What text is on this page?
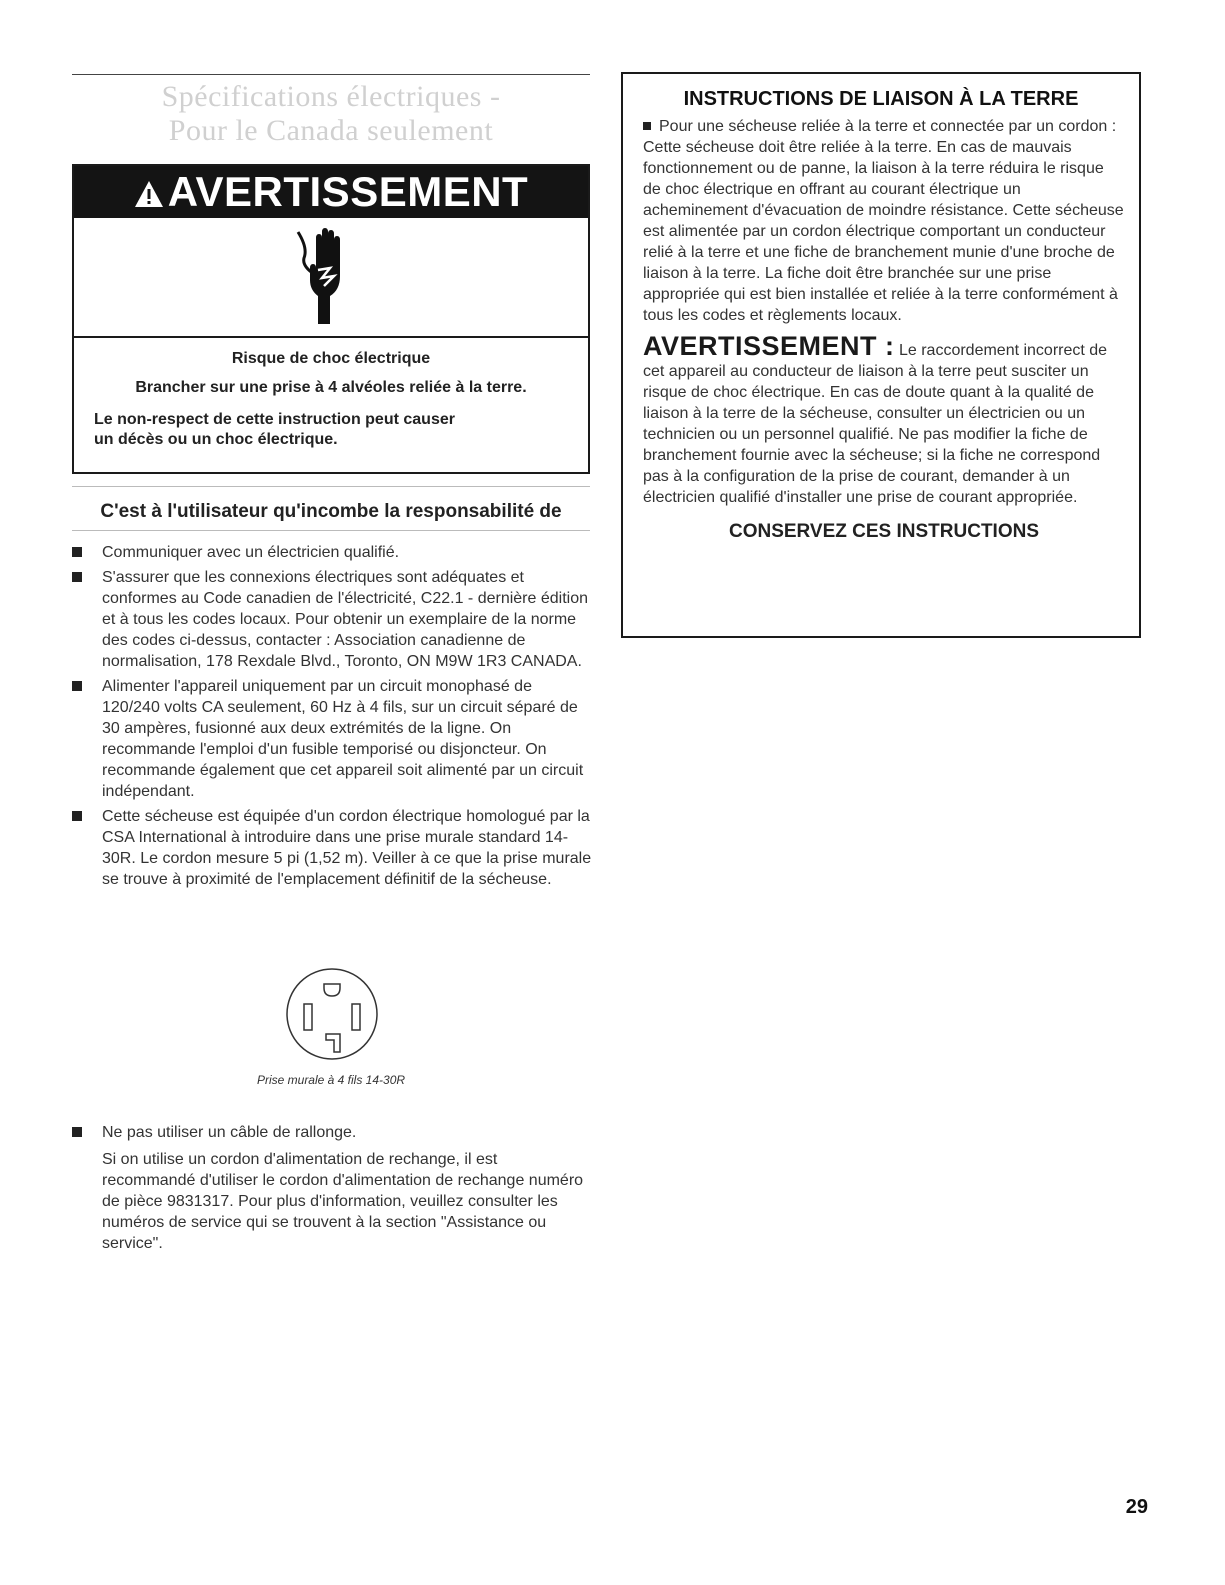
Spécifications électriques -
Pour le Canada seulement
AVERTISSEMENT
Risque de choc électrique
Brancher sur une prise à 4 alvéoles reliée à la terre.
Le non-respect de cette instruction peut causer
un décès ou un choc électrique.
C'est à l'utilisateur qu'incombe la responsabilité de
Communiquer avec un électricien qualifié.
S'assurer que les connexions électriques sont adéquates et conformes au Code canadien de l'électricité, C22.1 - dernière édition et à tous les codes locaux. Pour obtenir un exemplaire de la norme des codes ci-dessus, contacter : Association canadienne de normalisation, 178 Rexdale Blvd., Toronto, ON M9W 1R3 CANADA.
Alimenter l'appareil uniquement par un circuit monophasé de 120/240 volts CA seulement, 60 Hz à 4 fils, sur un circuit séparé de 30 ampères, fusionné aux deux extrémités de la ligne. On recommande l'emploi d'un fusible temporisé ou disjoncteur. On recommande également que cet appareil soit alimenté par un circuit indépendant.
Cette sécheuse est équipée d'un cordon électrique homologué par la CSA International à introduire dans une prise murale standard 14-30R. Le cordon mesure 5 pi (1,52 m). Veiller à ce que la prise murale se trouve à proximité de l'emplacement définitif de la sécheuse.
Prise murale à 4 fils 14-30R
Ne pas utiliser un câble de rallonge.
Si on utilise un cordon d'alimentation de rechange, il est recommandé d'utiliser le cordon d'alimentation de rechange numéro de pièce 9831317. Pour plus d'information, veuillez consulter les numéros de service qui se trouvent à la section "Assistance ou service".
INSTRUCTIONS DE LIAISON À LA TERRE
Pour une sécheuse reliée à la terre et connectée par un cordon :
Cette sécheuse doit être reliée à la terre. En cas de mauvais fonctionnement ou de panne, la liaison à la terre réduira le risque de choc électrique en offrant au courant électrique un acheminement d'évacuation de moindre résistance. Cette sécheuse est alimentée par un cordon électrique comportant un conducteur relié à la terre et une fiche de branchement munie d'une broche de liaison à la terre. La fiche doit être branchée sur une prise appropriée qui est bien installée et reliée à la terre conformément à tous les codes et règlements locaux.
AVERTISSEMENT : Le raccordement incorrect de cet appareil au conducteur de liaison à la terre peut susciter un risque de choc électrique. En cas de doute quant à la qualité de liaison à la terre de la sécheuse, consulter un électricien ou un technicien ou un personnel qualifié. Ne pas modifier la fiche de branchement fournie avec la sécheuse; si la fiche ne correspond pas à la configuration de la prise de courant, demander à un électricien qualifié d'installer une prise de courant appropriée.
CONSERVEZ CES INSTRUCTIONS
29
